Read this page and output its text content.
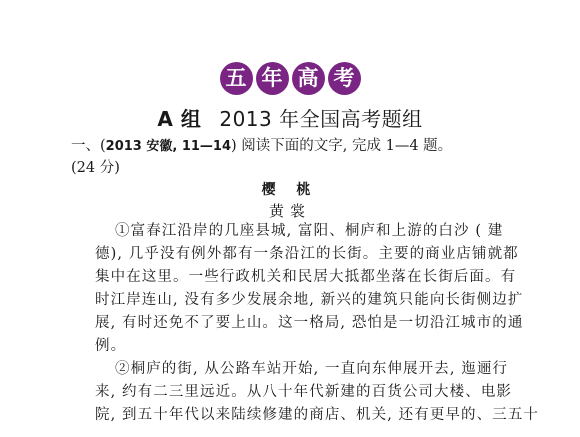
五 年 高 考
A 组 2013 年全国高考题组
一、(2013 安徽, 11—14) 阅读下面的文字, 完成 1—4 题。
(24 分)
樱 桃
黄裳
①富春江沿岸的几座县城, 富阳、桐庐和上游的白沙 ( 建
德), 几乎没有例外都有一条沿江的长街。主要的商业店铺就都
集中在这里。一些行政机关和民居大抵都坐落在长街后面。有
时江岸连山, 没有多少发展余地, 新兴的建筑只能向长街侧边扩
展, 有时还免不了要上山。这一格局, 恐怕是一切沿江城市的通
例。
②桐庐的街, 从公路车站开始, 一直向东伸展开去, 迤逦行
来, 约有二三里远近。从八十年代新建的百货公司大楼、电影
院, 到五十年代以来陆续修建的商店、机关, 还有更早的、三五十
